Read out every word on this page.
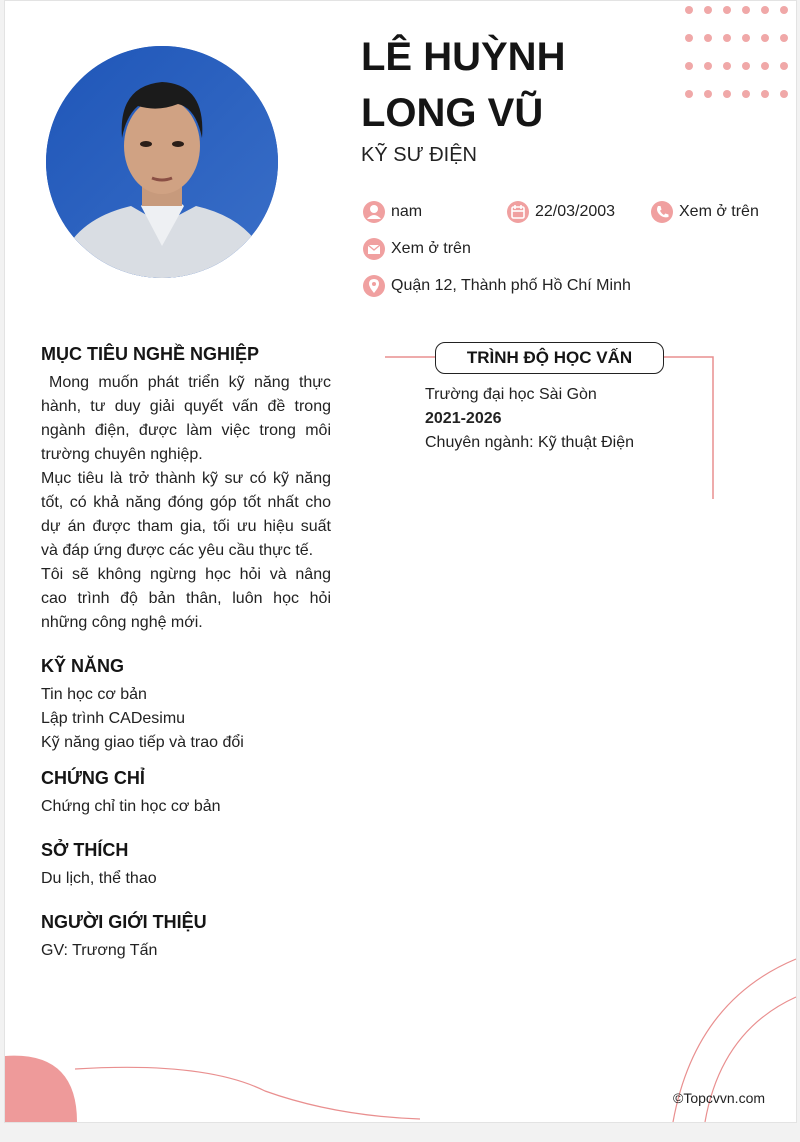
LÊ HUỲNH
LONG VŨ
KỸ SƯ ĐIỆN
nam	22/03/2003	Xem ở trên
Xem ở trên
Quận 12, Thành phố Hồ Chí Minh
MỤC TIÊU NGHỀ NGHIỆP

Mong muốn phát triển kỹ năng thực hành, tư duy giải quyết vấn đề trong ngành điện, được làm việc trong môi trường chuyên nghiệp.

Mục tiêu là trở thành kỹ sư có kỹ năng tốt, có khả năng đóng góp tốt nhất cho dự án được tham gia, tối ưu hiệu suất và đáp ứng được các yêu cầu thực tế.

Tôi sẽ không ngừng học hỏi và nâng cao trình độ bản thân, luôn học hỏi những công nghệ mới.

KỸ NĂNG
Tin học cơ bản
Lập trình CADesimu
Kỹ năng giao tiếp và trao đổi
CHỨNG CHỈ
Chứng chỉ tin học cơ bản
SỞ THÍCH
Du lịch, thể thao
NGƯỜI GIỚI THIỆU
GV: Trương Tấn
TRÌNH ĐỘ HỌC VẤN
Trường đại học Sài Gòn
2021-2026
Chuyên ngành: Kỹ thuật Điện
©Topcvvn.com
